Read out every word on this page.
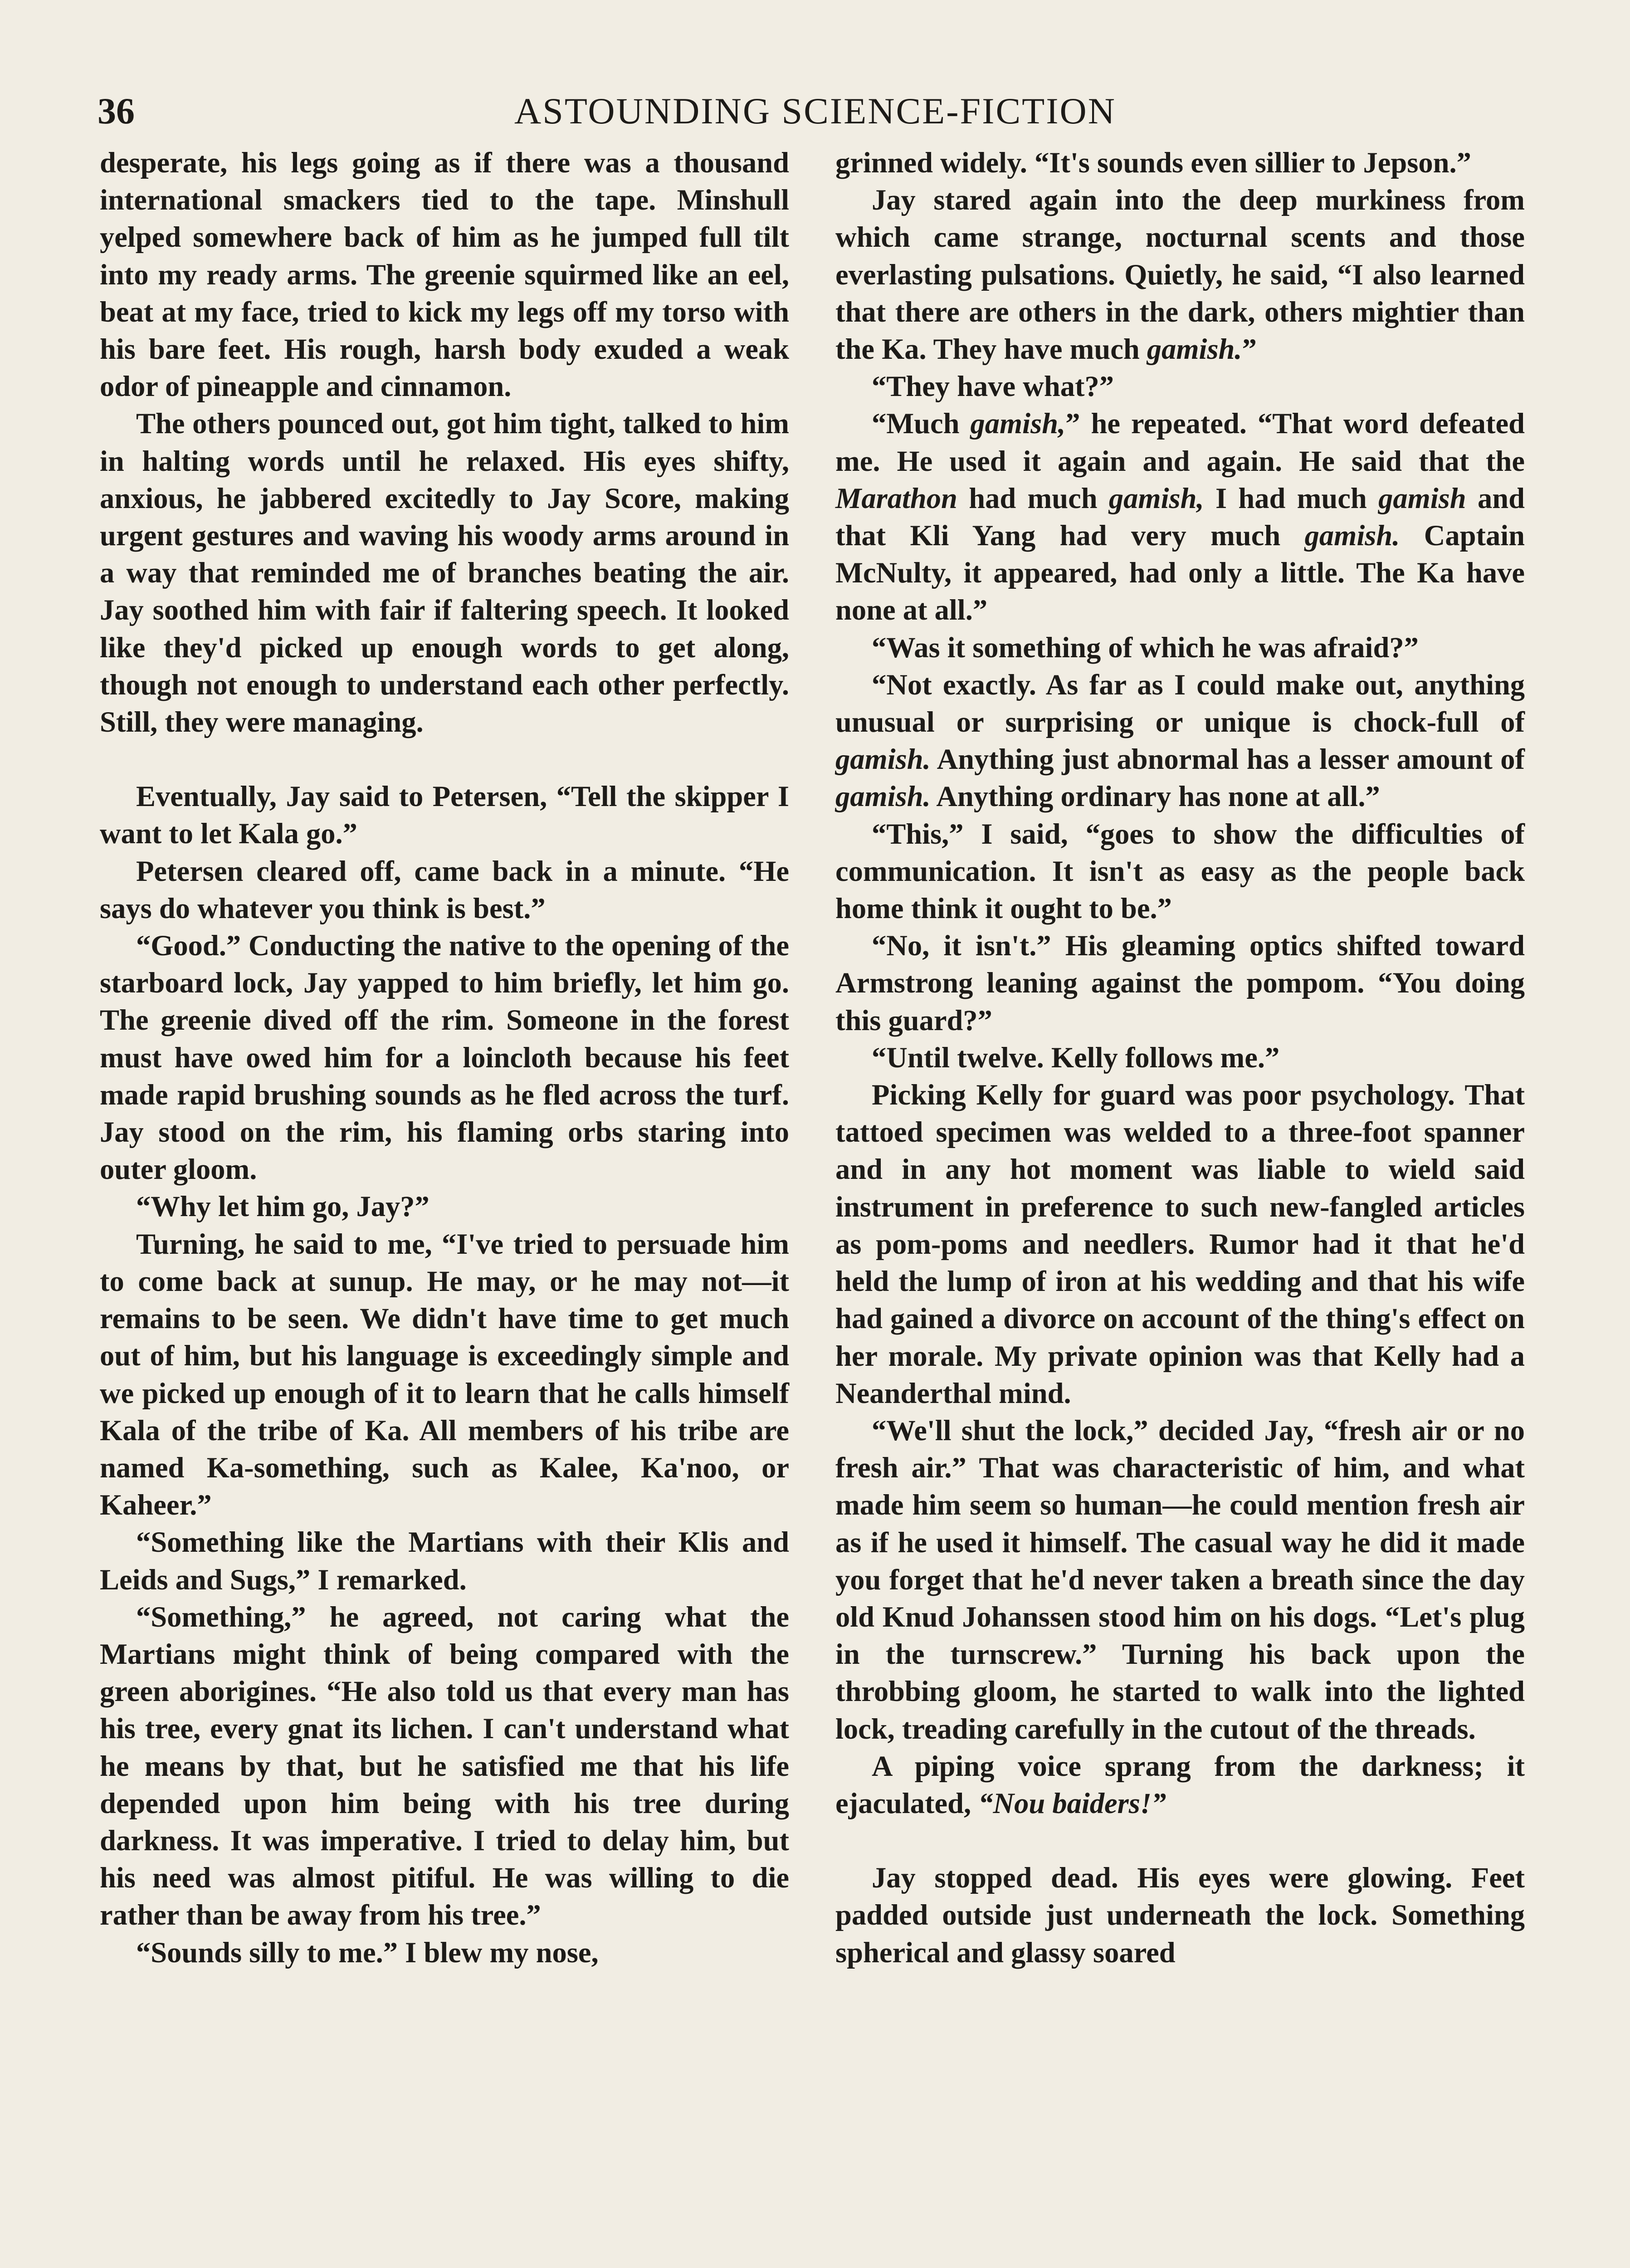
36	ASTOUNDING SCIENCE-FICTION

desperate, his legs going as if there was a thousand international smackers tied to the tape. Minshull yelped somewhere back of him as he jumped full tilt into my ready arms. The greenie squirmed like an eel, beat at my face, tried to kick my legs off my torso with his bare feet. His rough, harsh body exuded a weak odor of pineapple and cinnamon.

The others pounced out, got him tight, talked to him in halting words until he relaxed. His eyes shifty, anxious, he jabbered excitedly to Jay Score, making urgent gestures and waving his woody arms around in a way that reminded me of branches beating the air. Jay soothed him with fair if faltering speech. It looked like they'd picked up enough words to get along, though not enough to understand each other perfectly. Still, they were managing.

Eventually, Jay said to Petersen, “Tell the skipper I want to let Kala go.”

Petersen cleared off, came back in a minute. “He says do whatever you think is best.”

“Good.” Conducting the native to the opening of the starboard lock, Jay yapped to him briefly, let him go. The greenie dived off the rim. Someone in the forest must have owed him for a loincloth because his feet made rapid brushing sounds as he fled across the turf. Jay stood on the rim, his flaming orbs staring into outer gloom.

“Why let him go, Jay?”

Turning, he said to me, “I've tried to persuade him to come back at sunup. He may, or he may not—it remains to be seen. We didn't have time to get much out of him, but his language is exceedingly simple and we picked up enough of it to learn that he calls himself Kala of the tribe of Ka. All members of his tribe are named Ka-something, such as Kalee, Ka'noo, or Kaheer.”

“Something like the Martians with their Klis and Leids and Sugs,” I remarked.

“Something,” he agreed, not caring what the Martians might think of being compared with the green aborigines. “He also told us that every man has his tree, every gnat its lichen. I can't understand what he means by that, but he satisfied me that his life depended upon him being with his tree during darkness. It was imperative. I tried to delay him, but his need was almost pitiful. He was willing to die rather than be away from his tree.”

“Sounds silly to me.” I blew my nose,

grinned widely. “It's sounds even sillier to Jepson.”

Jay stared again into the deep murkiness from which came strange, nocturnal scents and those everlasting pulsations. Quietly, he said, “I also learned that there are others in the dark, others mightier than the Ka. They have much gamish.”

“They have what?”

“Much gamish,” he repeated. “That word defeated me. He used it again and again. He said that the Marathon had much gamish, I had much gamish and that Kli Yang had very much gamish. Captain McNulty, it appeared, had only a little. The Ka have none at all.”

“Was it something of which he was afraid?”

“Not exactly. As far as I could make out, anything unusual or surprising or unique is chock-full of gamish. Anything just abnormal has a lesser amount of gamish. Anything ordinary has none at all.”

“This,” I said, “goes to show the difficulties of communication. It isn't as easy as the people back home think it ought to be.”

“No, it isn't.” His gleaming optics shifted toward Armstrong leaning against the pompom. “You doing this guard?”

“Until twelve. Kelly follows me.”

Picking Kelly for guard was poor psychology. That tattoed specimen was welded to a three-foot spanner and in any hot moment was liable to wield said instrument in preference to such new-fangled articles as pom-poms and needlers. Rumor had it that he'd held the lump of iron at his wedding and that his wife had gained a divorce on account of the thing's effect on her morale. My private opinion was that Kelly had a Neanderthal mind.

“We'll shut the lock,” decided Jay, “fresh air or no fresh air.” That was characteristic of him, and what made him seem so human—he could mention fresh air as if he used it himself. The casual way he did it made you forget that he'd never taken a breath since the day old Knud Johanssen stood him on his dogs. “Let's plug in the turnscrew.” Turning his back upon the throbbing gloom, he started to walk into the lighted lock, treading carefully in the cutout of the threads.

A piping voice sprang from the darkness; it ejaculated, “Nou baiders!”

Jay stopped dead. His eyes were glowing. Feet padded outside just underneath the lock. Something spherical and glassy soared
